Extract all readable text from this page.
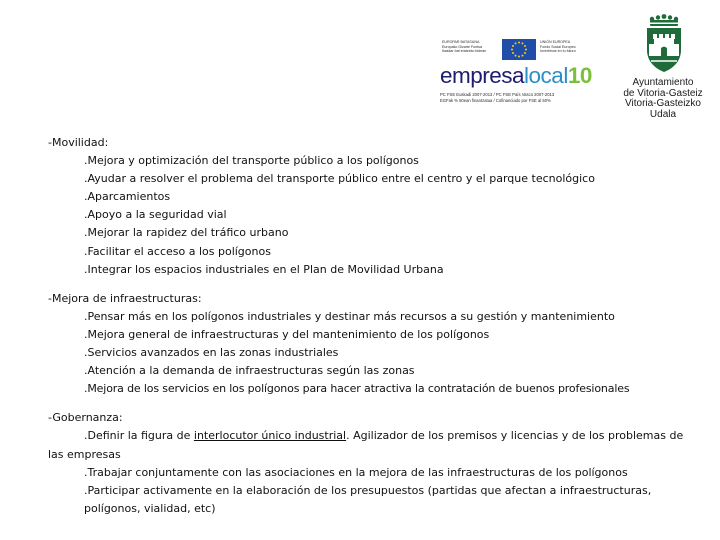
EUROPAR BATASUNA
Europako Gizarte Funtsa
Ikaskar bat eratzeko bidean
UNIÓN EUROPEA
Fondo Social Europeo
Invertimos en tu futuro
empresalocal10
PC FSE Euskadi 2007-2013 / PC FSE País Vasco 2007-2013
EGFak % 50ean finantzatua / Cofinanciado por FSE al 50%
Ayuntamiento
de Vitoria-Gasteiz
Vitoria-Gasteizko
Udala
-Movilidad:
.Mejora y optimización del transporte público a los polígonos
.Ayudar a resolver el problema del transporte público entre el centro y el parque tecnológico
.Aparcamientos
.Apoyo a la seguridad vial
.Mejorar la rapidez del tráfico urbano
.Facilitar el acceso a los polígonos
.Integrar los espacios industriales en el Plan de Movilidad Urbana
-Mejora de infraestructuras:
.Pensar más en los polígonos industriales y destinar más recursos a su gestión y mantenimiento
.Mejora general de infraestructuras y del mantenimiento de los polígonos
.Servicios avanzados en las zonas industriales
.Atención a la demanda de infraestructuras según las zonas
.Mejora de los servicios en los polígonos para hacer atractiva la contratación de buenos profesionales
-Gobernanza:
.Definir la figura de interlocutor único industrial. Agilizador de los premisos y licencias y de los problemas de las empresas
.Trabajar conjuntamente con las asociaciones en la mejora de las infraestructuras de los polígonos
.Participar activamente en la elaboración de los presupuestos (partidas que afectan a infraestructuras, polígonos, vialidad, etc)
